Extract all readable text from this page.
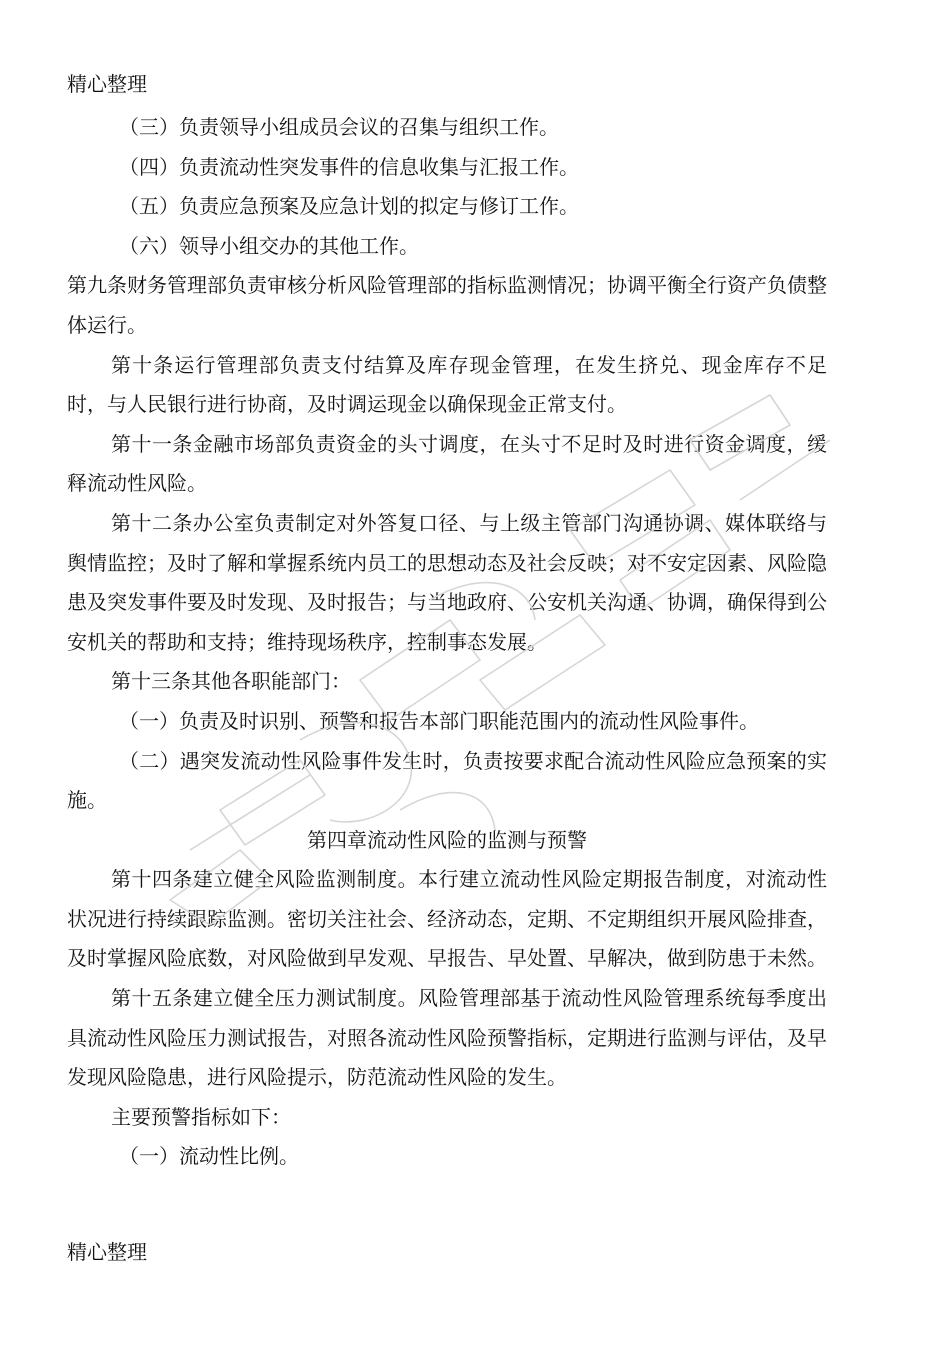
精心整理

（三）负责领导小组成员会议的召集与组织工作。

（四）负责流动性突发事件的信息收集与汇报工作。

（五）负责应急预案及应急计划的拟定与修订工作。

（六）领导小组交办的其他工作。

第九条财务管理部负责审核分析风险管理部的指标监测情况；协调平衡全行资产负债整体运行。

第十条运行管理部负责支付结算及库存现金管理，在发生挤兑、现金库存不足时，与人民银行进行协商，及时调运现金以确保现金正常支付。

第十一条金融市场部负责资金的头寸调度，在头寸不足时及时进行资金调度，缓释流动性风险。

第十二条办公室负责制定对外答复口径、与上级主管部门沟通协调、媒体联络与舆情监控；及时了解和掌握系统内员工的思想动态及社会反映；对不安定因素、风险隐患及突发事件要及时发现、及时报告；与当地政府、公安机关沟通、协调，确保得到公安机关的帮助和支持；维持现场秩序，控制事态发展。

第十三条其他各职能部门：

（一）负责及时识别、预警和报告本部门职能范围内的流动性风险事件。

（二）遇突发流动性风险事件发生时，负责按要求配合流动性风险应急预案的实施。

第四章流动性风险的监测与预警

第十四条建立健全风险监测制度。本行建立流动性风险定期报告制度，对流动性状况进行持续跟踪监测。密切关注社会、经济动态，定期、不定期组织开展风险排查，及时掌握风险底数，对风险做到早发观、早报告、早处置、早解决，做到防患于未然。

第十五条建立健全压力测试制度。风险管理部基于流动性风险管理系统每季度出具流动性风险压力测试报告，对照各流动性风险预警指标，定期进行监测与评估，及早发现风险隐患，进行风险提示，防范流动性风险的发生。

主要预警指标如下：

（一）流动性比例。

精心整理
